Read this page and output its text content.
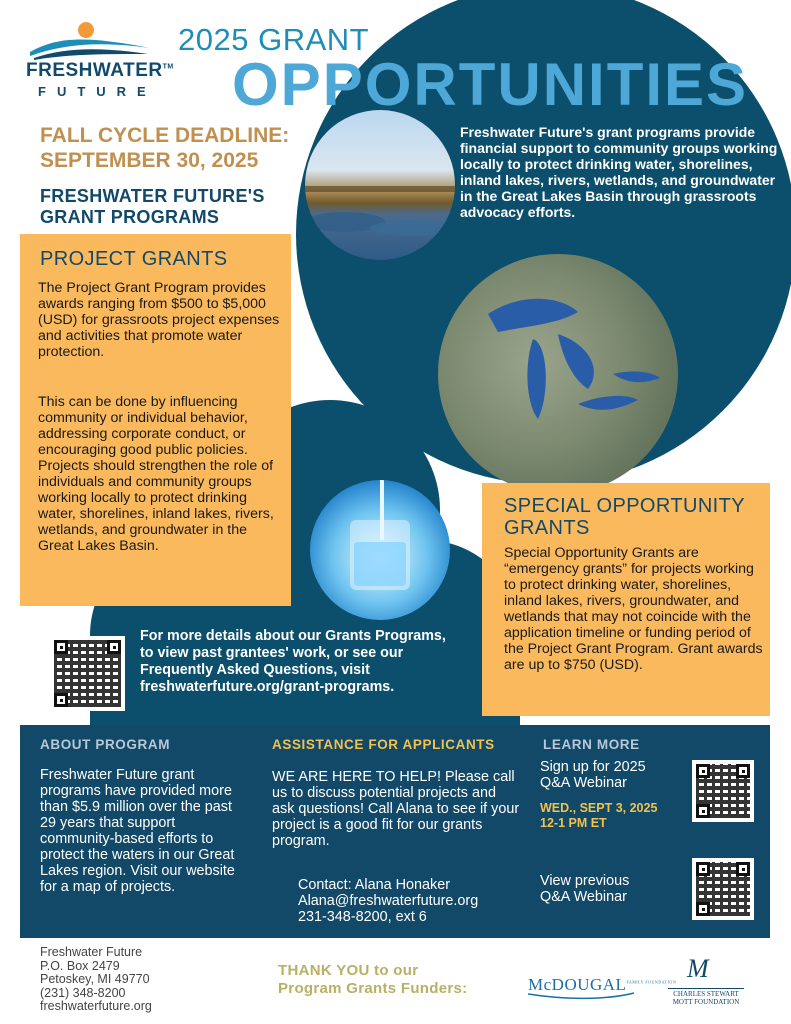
FRESHWATER™
FUTURE
2025 GRANT
OPPORTUNITIES
FALL CYCLE DEADLINE:
SEPTEMBER 30, 2025
FRESHWATER FUTURE'S
GRANT PROGRAMS
Freshwater Future's grant programs provide financial support to community groups working locally to protect drinking water, shorelines, inland lakes, rivers, wetlands, and groundwater in the Great Lakes Basin through grassroots advocacy efforts.
PROJECT GRANTS
The Project Grant Program provides awards ranging from $500 to $5,000 (USD) for grassroots project expenses and activities that promote water protection.
This can be done by influencing community or individual behavior, addressing corporate conduct, or encouraging good public policies. Projects should strengthen the role of individuals and community groups working locally to protect drinking water, shorelines, inland lakes, rivers, wetlands, and groundwater in the Great Lakes Basin.
SPECIAL OPPORTUNITY
GRANTS
Special Opportunity Grants are “emergency grants” for projects working to protect drinking water, shorelines, inland lakes, rivers, groundwater, and wetlands that may not coincide with the application timeline or funding period of the Project Grant Program. Grant awards are up to $750 (USD).
For more details about our Grants Programs, to view past grantees' work, or see our Frequently Asked Questions, visit freshwaterfuture.org/grant-programs.
ABOUT PROGRAM
Freshwater Future grant programs have provided more than $5.9 million over the past 29 years that support community-based efforts to protect the waters in our Great Lakes region. Visit our website for a map of projects.
ASSISTANCE FOR APPLICANTS
WE ARE HERE TO HELP! Please call us to discuss potential projects and ask questions! Call Alana to see if your project is a good fit for our grants program.
Contact: Alana Honaker
Alana@freshwaterfuture.org
231-348-8200, ext 6
LEARN MORE
Sign up for 2025
Q&A Webinar
WED., SEPT 3, 2025
12-1 PM ET
View previous
Q&A Webinar
Freshwater Future
P.O. Box 2479
Petoskey, MI 49770
(231) 348-8200
freshwaterfuture.org
THANK YOU to our
Program Grants Funders:	McDOUGAL$^{FAMILY FOUNDATION}$ M
CHARLES STEWART
MOTT FOUNDATION
